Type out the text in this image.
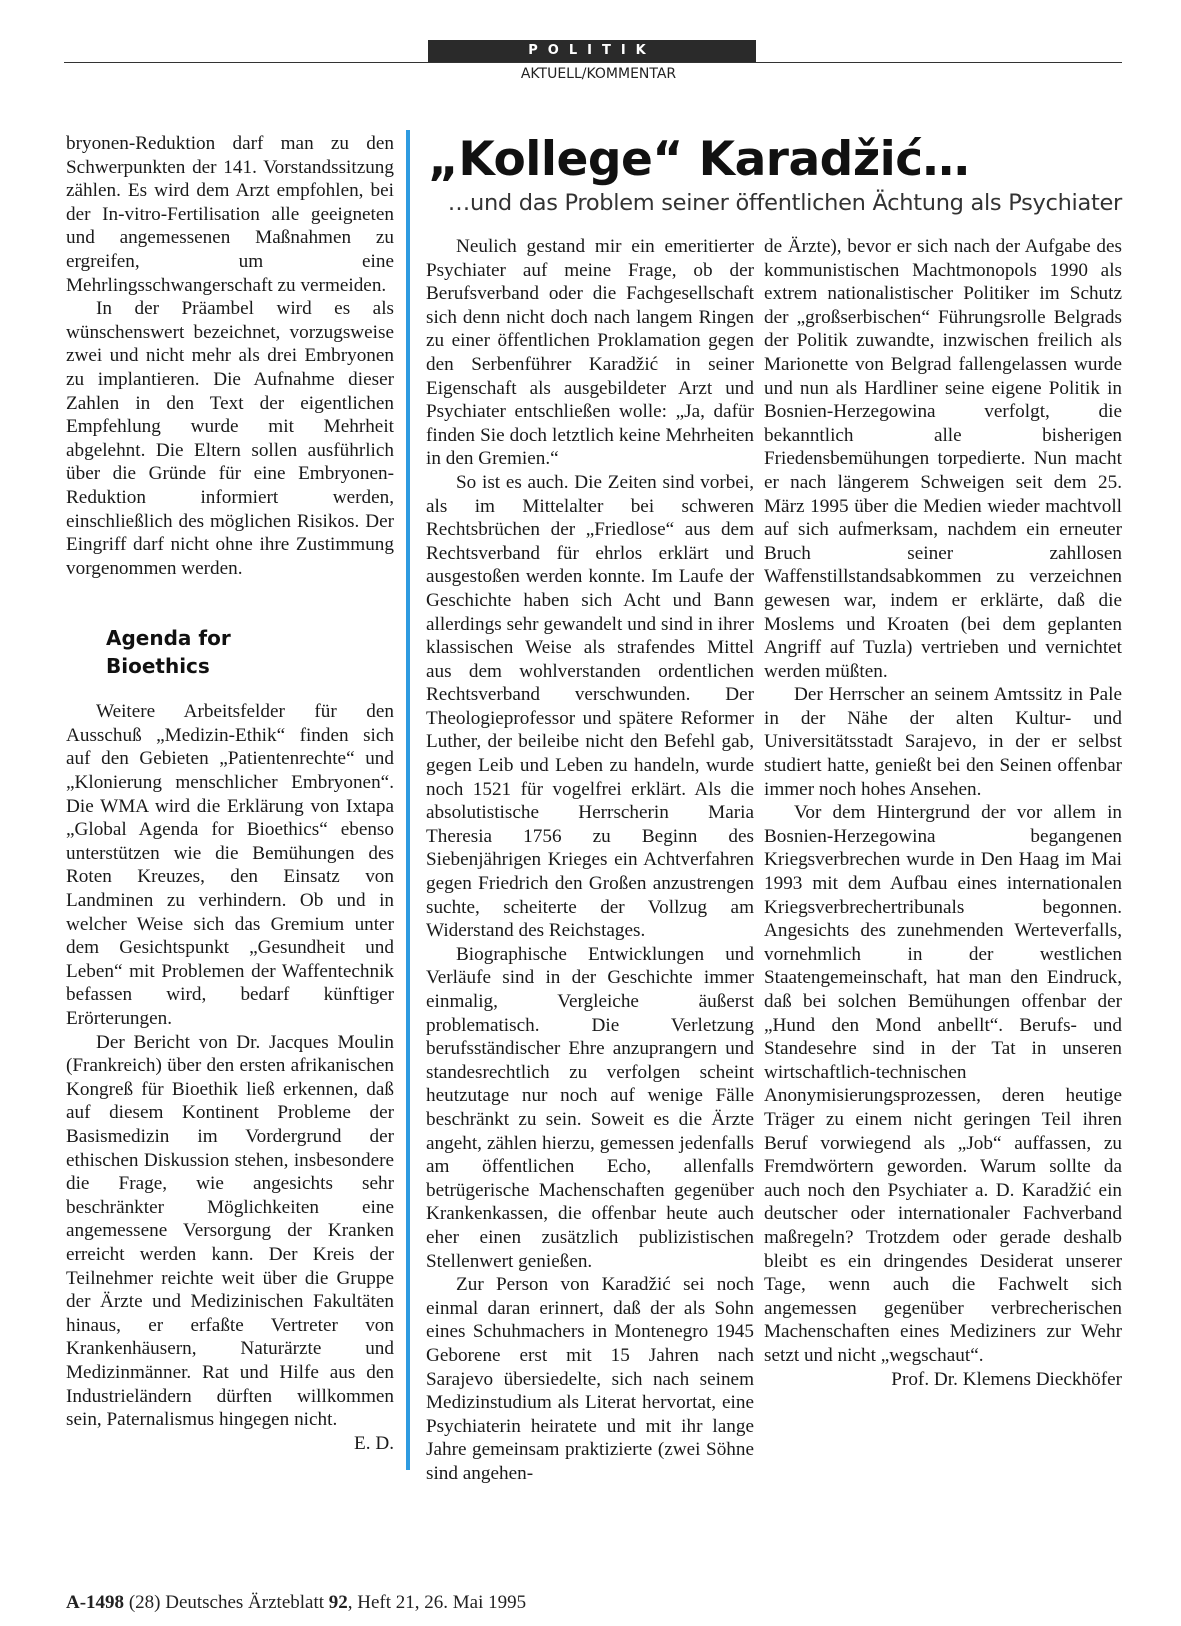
POLITIK
AKTUELL/KOMMENTAR

bryonen-Reduktion darf man zu den Schwerpunkten der 141. Vorstandssitzung zählen. Es wird dem Arzt empfohlen, bei der In-vitro-Fertilisation alle geeigneten und angemessenen Maßnahmen zu ergreifen, um eine Mehrlingsschwangerschaft zu vermeiden.

In der Präambel wird es als wünschenswert bezeichnet, vorzugsweise zwei und nicht mehr als drei Embryonen zu implantieren. Die Aufnahme dieser Zahlen in den Text der eigentlichen Empfehlung wurde mit Mehrheit abgelehnt. Die Eltern sollen ausführlich über die Gründe für eine Embryonen-Reduktion informiert werden, einschließlich des möglichen Risikos. Der Eingriff darf nicht ohne ihre Zustimmung vorgenommen werden.

Agenda for
Bioethics

Weitere Arbeitsfelder für den Ausschuß „Medizin-Ethik“ finden sich auf den Gebieten „Patientenrechte“ und „Klonierung menschlicher Embryonen“. Die WMA wird die Erklärung von Ixtapa „Global Agenda for Bioethics“ ebenso unterstützen wie die Bemühungen des Roten Kreuzes, den Einsatz von Landminen zu verhindern. Ob und in welcher Weise sich das Gremium unter dem Gesichtspunkt „Gesundheit und Leben“ mit Problemen der Waffentechnik befassen wird, bedarf künftiger Erörterungen.

Der Bericht von Dr. Jacques Moulin (Frankreich) über den ersten afrikanischen Kongreß für Bioethik ließ erkennen, daß auf diesem Kontinent Probleme der Basismedizin im Vordergrund der ethischen Diskussion stehen, insbesondere die Frage, wie angesichts sehr beschränkter Möglichkeiten eine angemessene Versorgung der Kranken erreicht werden kann. Der Kreis der Teilnehmer reichte weit über die Gruppe der Ärzte und Medizinischen Fakultäten hinaus, er erfaßte Vertreter von Krankenhäusern, Naturärzte und Medizinmänner. Rat und Hilfe aus den Industrieländern dürften willkommen sein, Paternalismus hingegen nicht.
E. D.

„Kollege“ Karadžić…
…und das Problem seiner öffentlichen Ächtung als Psychiater

Neulich gestand mir ein emeritierter Psychiater auf meine Frage, ob der Berufsverband oder die Fachgesellschaft sich denn nicht doch nach langem Ringen zu einer öffentlichen Proklamation gegen den Serbenführer Karadžić in seiner Eigenschaft als ausgebildeter Arzt und Psychiater entschließen wolle: „Ja, dafür finden Sie doch letztlich keine Mehrheiten in den Gremien.“

So ist es auch. Die Zeiten sind vorbei, als im Mittelalter bei schweren Rechtsbrüchen der „Friedlose“ aus dem Rechtsverband für ehrlos erklärt und ausgestoßen werden konnte. Im Laufe der Geschichte haben sich Acht und Bann allerdings sehr gewandelt und sind in ihrer klassischen Weise als strafendes Mittel aus dem wohlverstanden ordentlichen Rechtsverband verschwunden. Der Theologieprofessor und spätere Reformer Luther, der beileibe nicht den Befehl gab, gegen Leib und Leben zu handeln, wurde noch 1521 für vogelfrei erklärt. Als die absolutistische Herrscherin Maria Theresia 1756 zu Beginn des Siebenjährigen Krieges ein Achtverfahren gegen Friedrich den Großen anzustrengen suchte, scheiterte der Vollzug am Widerstand des Reichstages.

Biographische Entwicklungen und Verläufe sind in der Geschichte immer einmalig, Vergleiche äußerst problematisch. Die Verletzung berufsständischer Ehre anzuprangern und standesrechtlich zu verfolgen scheint heutzutage nur noch auf wenige Fälle beschränkt zu sein. Soweit es die Ärzte angeht, zählen hierzu, gemessen jedenfalls am öffentlichen Echo, allenfalls betrügerische Machenschaften gegenüber Krankenkassen, die offenbar heute auch eher einen zusätzlich publizistischen Stellenwert genießen.

Zur Person von Karadžić sei noch einmal daran erinnert, daß der als Sohn eines Schuhmachers in Montenegro 1945 Geborene erst mit 15 Jahren nach Sarajevo übersiedelte, sich nach seinem Medizinstudium als Literat hervortat, eine Psychiaterin heiratete und mit ihr lange Jahre gemeinsam praktizierte (zwei Söhne sind angehen-

de Ärzte), bevor er sich nach der Aufgabe des kommunistischen Machtmonopols 1990 als extrem nationalistischer Politiker im Schutz der „großserbischen“ Führungsrolle Belgrads der Politik zuwandte, inzwischen freilich als Marionette von Belgrad fallengelassen wurde und nun als Hardliner seine eigene Politik in Bosnien-Herzegowina verfolgt, die bekanntlich alle bisherigen Friedensbemühungen torpedierte. Nun macht er nach längerem Schweigen seit dem 25. März 1995 über die Medien wieder machtvoll auf sich aufmerksam, nachdem ein erneuter Bruch seiner zahllosen Waffenstillstandsabkommen zu verzeichnen gewesen war, indem er erklärte, daß die Moslems und Kroaten (bei dem geplanten Angriff auf Tuzla) vertrieben und vernichtet werden müßten.

Der Herrscher an seinem Amtssitz in Pale in der Nähe der alten Kultur- und Universitätsstadt Sarajevo, in der er selbst studiert hatte, genießt bei den Seinen offenbar immer noch hohes Ansehen.

Vor dem Hintergrund der vor allem in Bosnien-Herzegowina begangenen Kriegsverbrechen wurde in Den Haag im Mai 1993 mit dem Aufbau eines internationalen Kriegsverbrechertribunals begonnen. Angesichts des zunehmenden Werteverfalls, vornehmlich in der westlichen Staatengemeinschaft, hat man den Eindruck, daß bei solchen Bemühungen offenbar der „Hund den Mond anbellt“. Berufs- und Standesehre sind in der Tat in unseren wirtschaftlich-technischen Anonymisierungsprozessen, deren heutige Träger zu einem nicht geringen Teil ihren Beruf vorwiegend als „Job“ auffassen, zu Fremdwörtern geworden. Warum sollte da auch noch den Psychiater a. D. Karadžić ein deutscher oder internationaler Fachverband maßregeln? Trotzdem oder gerade deshalb bleibt es ein dringendes Desiderat unserer Tage, wenn auch die Fachwelt sich angemessen gegenüber verbrecherischen Machenschaften eines Mediziners zur Wehr setzt und nicht „wegschaut“.

Prof. Dr. Klemens Dieckhöfer

A-1498 (28) Deutsches Ärzteblatt 92, Heft 21, 26. Mai 1995
